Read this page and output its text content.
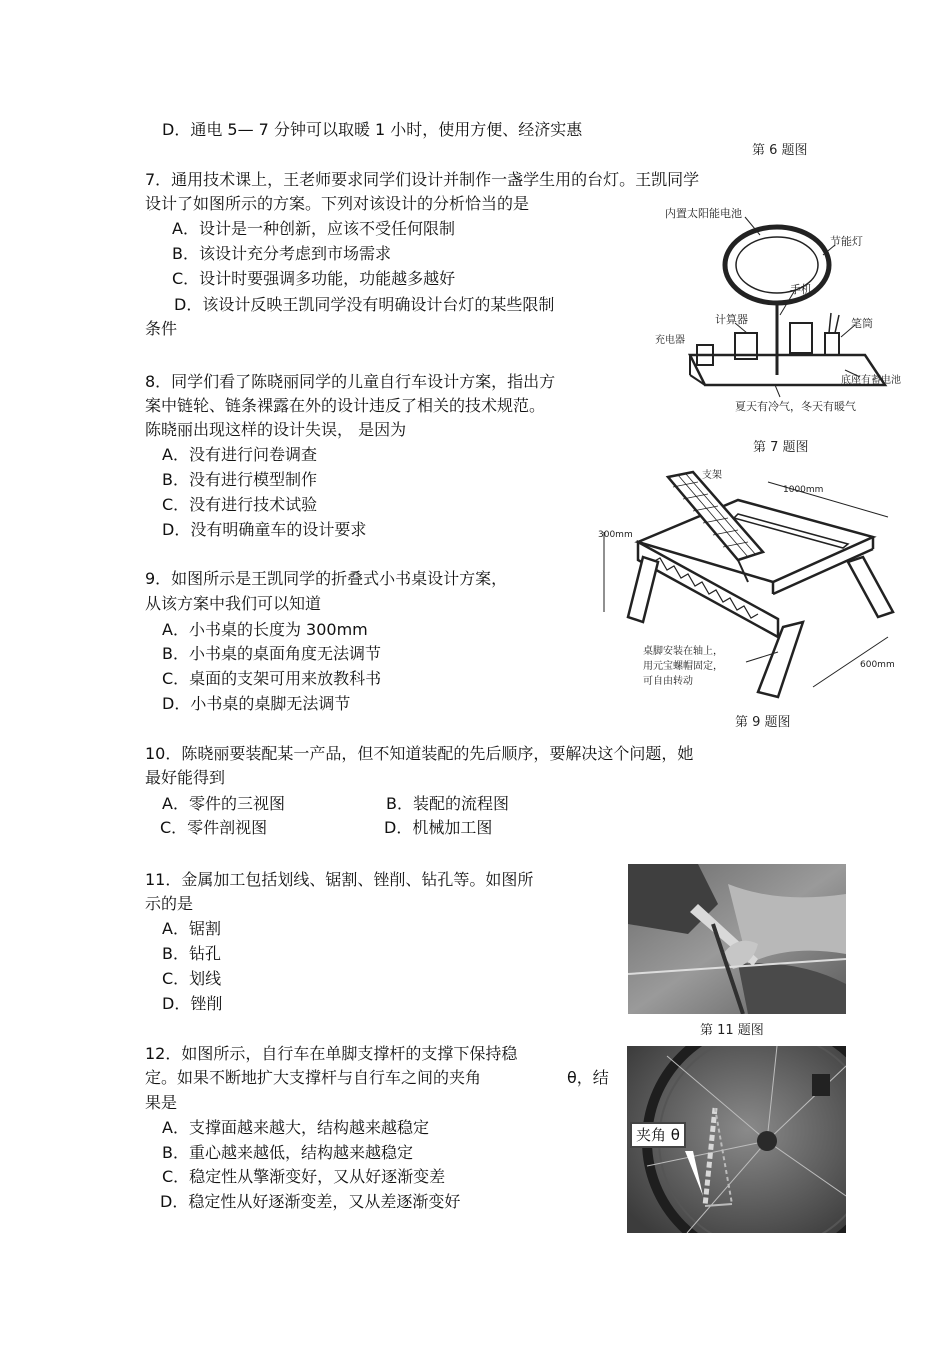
D．通电 5— 7 分钟可以取暖 1 小时，使用方便、经济实惠
第 6 题图
7．通用技术课上，王老师要求同学们设计并制作一盏学生用的台灯。王凯同学
设计了如图所示的方案。下列对该设计的分析恰当的是
A．设计是一种创新，应该不受任何限制
B．该设计充分考虑到市场需求
C．设计时要强调多功能，功能越多越好
D．该设计反映王凯同学没有明确设计台灯的某些限制
条件
内置太阳能电池
节能灯
手机
计算器	笔筒
充电器
底座有蓄电池
夏天有冷气，冬天有暖气
8．同学们看了陈晓丽同学的儿童自行车设计方案，指出方
案中链轮、链条裸露在外的设计违反了相关的技术规范。
陈晓丽出现这样的设计失误， 是因为
第 7 题图
A．没有进行问卷调查
B．没有进行模型制作
C．没有进行技术试验
D．没有明确童车的设计要求
支架
1000mm
300mm
600mm
桌脚安装在轴上，
用元宝螺帽固定，
可自由转动
9．如图所示是王凯同学的折叠式小书桌设计方案，
从该方案中我们可以知道
A．小书桌的长度为 300mm
B．小书桌的桌面角度无法调节
C．桌面的支架可用来放教科书
D．小书桌的桌脚无法调节
第 9 题图
10．陈晓丽要装配某一产品，但不知道装配的先后顺序，要解决这个问题，她
最好能得到
A．零件的三视图	B．装配的流程图
C．零件剖视图	D．机械加工图
11．金属加工包括划线、锯割、锉削、钻孔等。如图所
示的是
A．锯割
B．钻孔
C．划线
D．锉削
第 11 题图
12．如图所示，自行车在单脚支撑杆的支撑下保持稳
定。如果不断地扩大支撑杆与自行车之间的夹角	θ，结
果是
A．支撑面越来越大，结构越来越稳定
B．重心越来越低，结构越来越稳定
C．稳定性从擎渐变好，又从好逐渐变差
D．稳定性从好逐渐变差，又从差逐渐变好
夹角 θ
